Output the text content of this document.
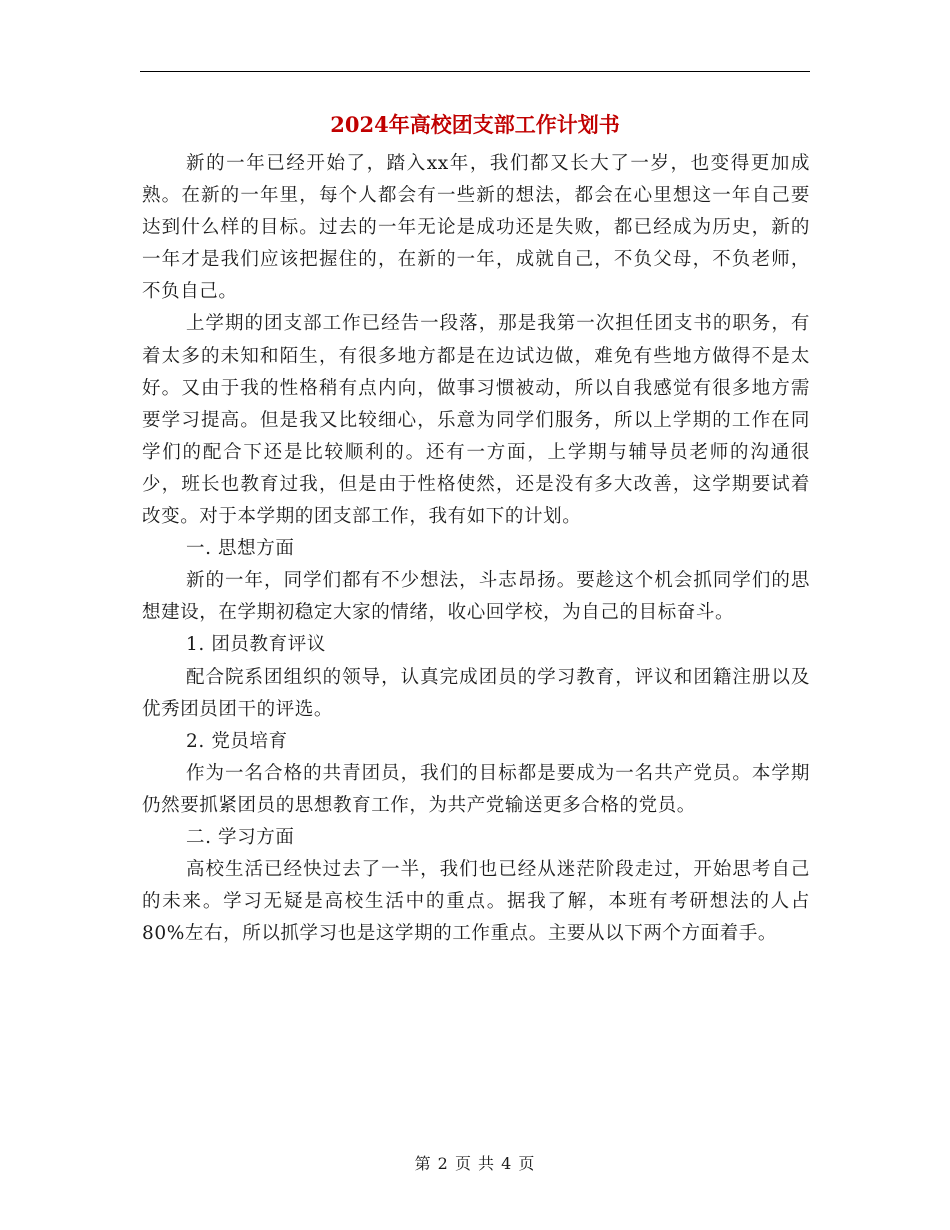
2024年高校团支部工作计划书

新的一年已经开始了，踏入xx年，我们都又长大了一岁，也变得更加成熟。在新的一年里，每个人都会有一些新的想法，都会在心里想这一年自己要达到什么样的目标。过去的一年无论是成功还是失败，都已经成为历史，新的一年才是我们应该把握住的，在新的一年，成就自己，不负父母，不负老师，不负自己。

上学期的团支部工作已经告一段落，那是我第一次担任团支书的职务，有着太多的未知和陌生，有很多地方都是在边试边做，难免有些地方做得不是太好。又由于我的性格稍有点内向，做事习惯被动，所以自我感觉有很多地方需要学习提高。但是我又比较细心，乐意为同学们服务，所以上学期的工作在同学们的配合下还是比较顺利的。还有一方面，上学期与辅导员老师的沟通很少，班长也教育过我，但是由于性格使然，还是没有多大改善，这学期要试着改变。对于本学期的团支部工作，我有如下的计划。

一. 思想方面

新的一年，同学们都有不少想法，斗志昂扬。要趁这个机会抓同学们的思想建设，在学期初稳定大家的情绪，收心回学校，为自己的目标奋斗。

1. 团员教育评议

配合院系团组织的领导，认真完成团员的学习教育，评议和团籍注册以及优秀团员团干的评选。

2. 党员培育

作为一名合格的共青团员，我们的目标都是要成为一名共产党员。本学期仍然要抓紧团员的思想教育工作，为共产党输送更多合格的党员。

二. 学习方面

高校生活已经快过去了一半，我们也已经从迷茫阶段走过，开始思考自己的未来。学习无疑是高校生活中的重点。据我了解，本班有考研想法的人占80%左右，所以抓学习也是这学期的工作重点。主要从以下两个方面着手。

第 2 页 共 4 页
